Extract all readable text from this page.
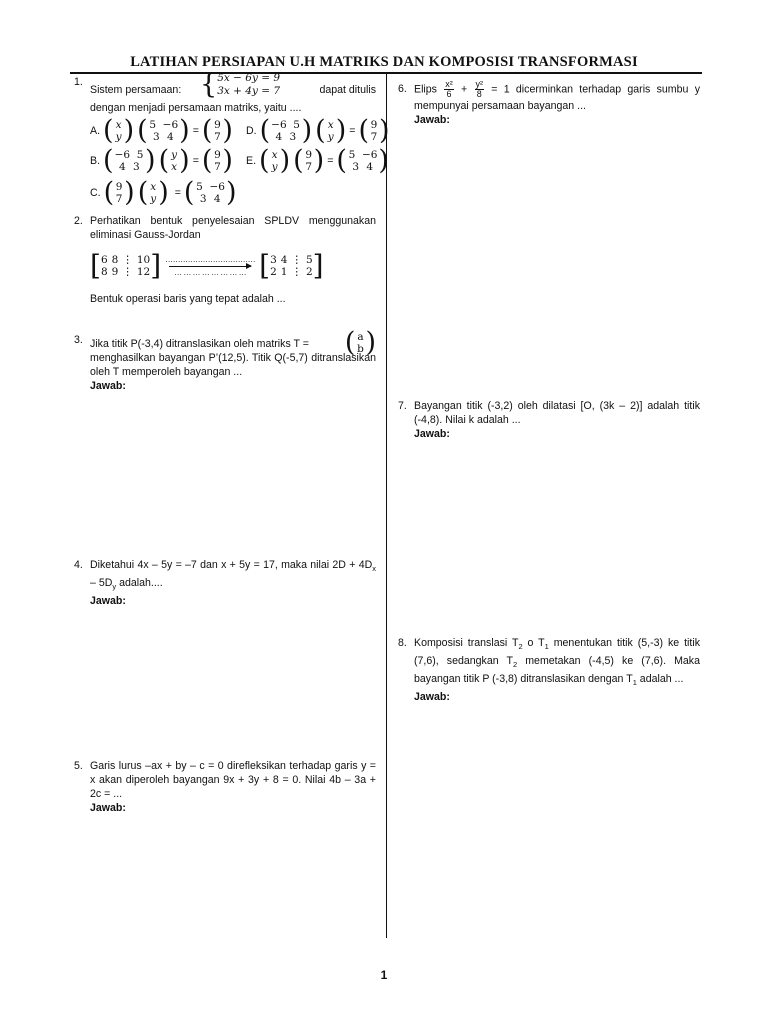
LATIHAN PERSIAPAN U.H MATRIKS DAN KOMPOSISI TRANSFORMASI
1.
Sistem persamaan: { 5x − 6y = 9
3x + 4y = 7	dapat ditulis
dengan menjadi persamaan matriks, yaitu ....
A. ( x
y ) ( 5 −6
3 4 ) = ( 9
7 ) D. ( −6 5
4 3 ) ( x
y ) = ( 9
7 )
B. ( −6 5
4 3 ) ( y
x ) = ( 9
7 ) E. ( x
y ) ( 9
7 ) = ( 5 −6
3 4 )
C. ( 9
7 ) ( x
y ) = ( 5 −6
3 4 )
2. Perhatikan bentuk penyelesaian SPLDV menggunakan eliminasi Gauss-Jordan
[ 6 8 ⋮ 10
8 9 ⋮ 12 ] ………………………………
… … … … … … … … [ 3 4 ⋮ 5
2 1 ⋮ 2 ]
Bentuk operasi baris yang tepat adalah ...
3. Jika titik P(-3,4) ditranslasikan oleh matriks T = ( a
b )
menghasilkan bayangan P’(12,5). Titik Q(-5,7) ditranslasikan oleh T memperoleh bayangan ...
Jawab:
4. Diketahui 4x – 5y = –7 dan x + 5y = 17, maka nilai $2D + 4D_x - 5D_y$ adalah....
Jawab:
5. Garis lurus –ax + by – c = 0 direfleksikan terhadap garis y = x akan diperoleh bayangan 9x + 3y + 8 = 0. Nilai 4b – 3a + 2c = ...
Jawab:
6. Elips $\frac{\text{x²}}{6} + \frac{\text{y²}}{8} = 1$ dicerminkan terhadap garis sumbu y mempunyai persamaan bayangan ...
Jawab:
7. Bayangan titik (-3,2) oleh dilatasi [O, (3k – 2)] adalah titik (-4,8). Nilai k adalah ...
Jawab:
8. Komposisi translasi $T_2$ o $T_1$ menentukan titik (5,-3) ke titik (7,6), sedangkan $T_2$ memetakan (-4,5) ke (7,6). Maka bayangan titik P (-3,8) ditranslasikan dengan $T_1$ adalah ...
Jawab:
1
